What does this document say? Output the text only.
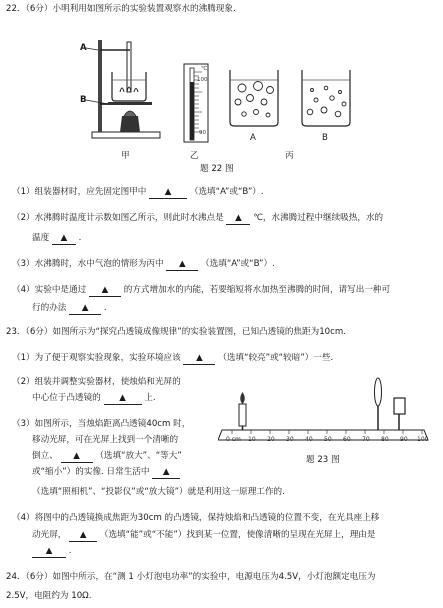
22．（6分）小明利用如图所示的实验装置观察水的沸腾现象.
A
B
甲
℃
100
90
乙
A	B
丙
题 22 图
（1）组装器材时，应先固定图甲中 ▲ （选填“A”或“B”）.
（2）水沸腾时温度计示数如图乙所示，则此时水沸点是 ▲ ℃，水沸腾过程中继续吸热，水的
温度 ▲ .
（3）水沸腾时，水中气泡的情形为丙中 ▲ （选填“A”或“B”）.
（4）实验中是通过 ▲ 的方式增加水的内能，若要缩短将水加热至沸腾的时间，请写出一种可
行的办法 ▲ .
23．（6分）如图所示为“探究凸透镜成像规律”的实验装置图，已知凸透镜的焦距为10cm.
（1）为了便于观察实验现象，实验环境应该 ▲ （选填“较亮”或“较暗”）一些.
（2）组装并调整实验器材，使烛焰和光屏的
中心位于凸透镜的 ▲ 上.
（3）如图所示，当烛焰距离凸透镜40cm 时，
移动光屏，可在光屏上找到一个清晰的
倒立、 ▲ （选填“放大”、“等大”
或“缩小”）的实像. 日常生活中 ▲
（选填“照相机”、“投影仪”或“放大镜”）就是利用这一原理工作的.
0 cm 10 20 30 40 50 60 70 80 90 100
题 23 图
（4）将图中的凸透镜换成焦距为30cm 的凸透镜，保持烛焰和凸透镜的位置不变，在光具座上移
动光屏， ▲ （选填“能”或“不能”）找到某一位置，使像清晰的呈现在光屏上，理由是
▲ .
24．（6分）如图中所示，在“测 1 小灯泡电功率”的实验中，电源电压为4.5V，小灯泡额定电压为
2.5V，电阻约为 10Ω.
